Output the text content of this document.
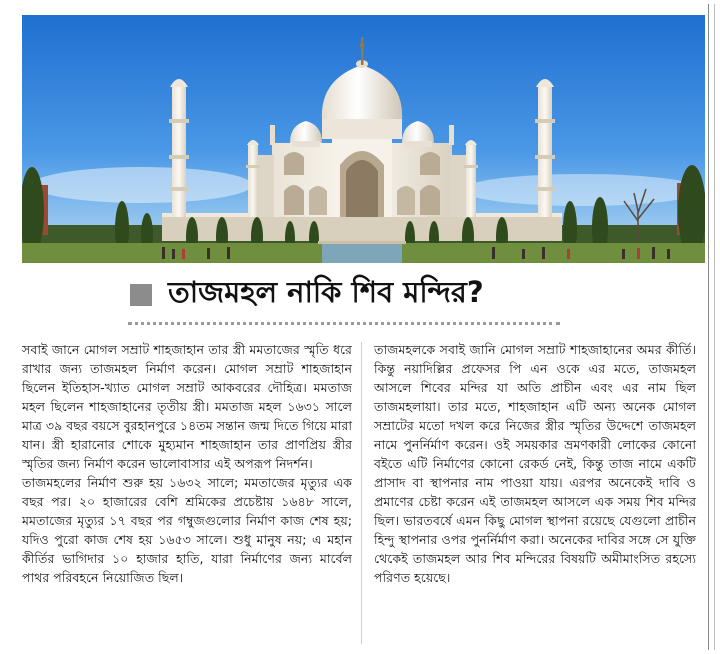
তাজমহল নাকি শিব মন্দির?

সবাই জানে মোগল সম্রাট শাহজাহান তার স্ত্রী মমতাজের স্মৃতি ধরে রাখার জন্য তাজমহল নির্মাণ করেন। মোগল সম্রাট শাহজাহান ছিলেন ইতিহাস-খ্যাত মোগল সম্রাট আকবরের দৌহিত্র। মমতাজ মহল ছিলেন শাহজাহানের তৃতীয় স্ত্রী। মমতাজ মহল ১৬৩১ সালে মাত্র ৩৯ বছর বয়সে বুরহানপুরে ১৪তম সন্তান জন্ম দিতে গিয়ে মারা যান। স্ত্রী হারানোর শোকে মুহ্যমান শাহজাহান তার প্রাণপ্রিয় স্ত্রীর স্মৃতির জন্য নির্মাণ করেন ভালোবাসার এই অপরূপ নিদর্শন।

তাজমহলের নির্মাণ শুরু হয় ১৬৩২ সালে; মমতাজের মৃত্যুর এক বছর পর। ২০ হাজারের বেশি শ্রমিকের প্রচেষ্টায় ১৬৪৮ সালে, মমতাজের মৃত্যুর ১৭ বছর পর গম্বুজগুলোর নির্মাণ কাজ শেষ হয়; যদিও পুরো কাজ শেষ হয় ১৬৫৩ সালে। শুধু মানুষ নয়; এ মহান কীর্তির ভাগিদার ১০ হাজার হাতি, যারা নির্মাণের জন্য মার্বেল পাথর পরিবহনে নিয়োজিত ছিল।

তাজমহলকে সবাই জানি মোগল সম্রাট শাহজাহানের অমর কীর্তি। কিন্তু নয়াদিল্লির প্রফেসর পি এন ওকে এর মতে, তাজমহল আসলে শিবের মন্দির যা অতি প্রাচীন এবং এর নাম ছিল তাজমহলায়া। তার মতে, শাহজাহান এটি অন্য অনেক মোগল সম্রাটের মতো দখল করে নিজের স্ত্রীর স্মৃতির উদ্দেশে তাজমহল নামে পুনর্নির্মাণ করেন। ওই সময়কার ভ্রমণকারী লোকের কোনো বইতে এটি নির্মাণের কোনো রেকর্ড নেই, কিন্তু তাজ নামে একটি প্রাসাদ বা স্থাপনার নাম পাওয়া যায়। এরপর অনেকেই দাবি ও প্রমাণের চেষ্টা করেন এই তাজমহল আসলে এক সময় শিব মন্দির ছিল। ভারতবর্ষে এমন কিছু মোগল স্থাপনা রয়েছে যেগুলো প্রাচীন হিন্দু স্থাপনার ওপর পুনর্নির্মাণ করা। অনেকের দাবির সঙ্গে সে যুক্তি থেকেই তাজমহল আর শিব মন্দিরের বিষয়টি অমীমাংসিত রহস্যে পরিণত হয়েছে।
